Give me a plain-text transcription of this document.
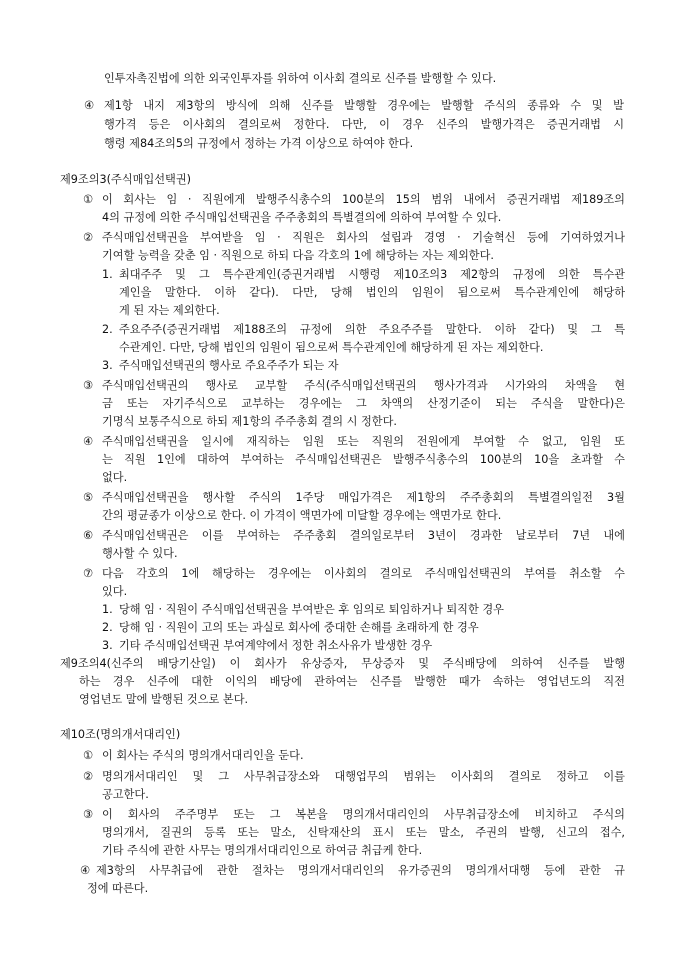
인투자촉진법에 의한 외국인투자를 위하여 이사회 결의로 신주를 발행할 수 있다.
④ 제1항 내지 제3항의 방식에 의해 신주를 발행할 경우에는 발행할 주식의 종류와 수 및 발
행가격 등은 이사회의 결의로써 정한다. 다만, 이 경우 신주의 발행가격은 증권거래법 시
행령 제84조의5의 규정에서 정하는 가격 이상으로 하여야 한다.
제9조의3(주식매입선택권)
① 이 회사는 임 · 직원에게 발행주식총수의 100분의 15의 범위 내에서 증권거래법 제189조의
4의 규정에 의한 주식매입선택권을 주주총회의 특별결의에 의하여 부여할 수 있다.
② 주식매입선택권을 부여받을 임 · 직원은 회사의 설립과 경영 · 기술혁신 등에 기여하였거나
기여할 능력을 갖춘 임 · 직원으로 하되 다음 각호의 1에 해당하는 자는 제외한다.
1. 최대주주 및 그 특수관계인(증권거래법 시행령 제10조의3 제2항의 규정에 의한 특수관
계인을 말한다. 이하 같다). 다만, 당해 법인의 임원이 됨으로써 특수관계인에 해당하
게 된 자는 제외한다.
2. 주요주주(증권거래법 제188조의 규정에 의한 주요주주를 말한다. 이하 같다) 및 그 특
수관계인. 다만, 당해 법인의 임원이 됨으로써 특수관계인에 해당하게 된 자는 제외한다.
3. 주식매입선택권의 행사로 주요주주가 되는 자
③ 주식매입선택권의 행사로 교부할 주식(주식매입선택권의 행사가격과 시가와의 차액을 현
금 또는 자기주식으로 교부하는 경우에는 그 차액의 산정기준이 되는 주식을 말한다)은
기명식 보통주식으로 하되 제1항의 주주총회 결의 시 정한다.
④ 주식매입선택권을 일시에 재직하는 임원 또는 직원의 전원에게 부여할 수 없고, 임원 또
는 직원 1인에 대하여 부여하는 주식매입선택권은 발행주식총수의 100분의 10을 초과할 수
없다.
⑤ 주식매입선택권을 행사할 주식의 1주당 매입가격은 제1항의 주주총회의 특별결의일전 3월
간의 평균종가 이상으로 한다. 이 가격이 액면가에 미달할 경우에는 액면가로 한다.
⑥ 주식매입선택권은 이를 부여하는 주주총회 결의일로부터 3년이 경과한 날로부터 7년 내에
행사할 수 있다.
⑦ 다음 각호의 1에 해당하는 경우에는 이사회의 결의로 주식매입선택권의 부여를 취소할 수
있다.
1. 당해 임 · 직원이 주식매입선택권을 부여받은 후 임의로 퇴임하거나 퇴직한 경우
2. 당해 임 · 직원이 고의 또는 과실로 회사에 중대한 손해를 초래하게 한 경우
3. 기타 주식매입선택권 부여계약에서 정한 취소사유가 발생한 경우
제9조의4(신주의 배당기산일) 이 회사가 유상증자, 무상증자 및 주식배당에 의하여 신주를 발행
하는 경우 신주에 대한 이익의 배당에 관하여는 신주를 발행한 때가 속하는 영업년도의 직전
영업년도 말에 발행된 것으로 본다.
제10조(명의개서대리인)
① 이 회사는 주식의 명의개서대리인을 둔다.
② 명의개서대리인 및 그 사무취급장소와 대행업무의 범위는 이사회의 결의로 정하고 이를
공고한다.
③ 이 회사의 주주명부 또는 그 복본을 명의개서대리인의 사무취급장소에 비치하고 주식의
명의개서, 질권의 등록 또는 말소, 신탁재산의 표시 또는 말소, 주권의 발행, 신고의 접수,
기타 주식에 관한 사무는 명의개서대리인으로 하여금 취급케 한다.
④ 제3항의 사무취급에 관한 절차는 명의개서대리인의 유가증권의 명의개서대행 등에 관한 규
정에 따른다.
